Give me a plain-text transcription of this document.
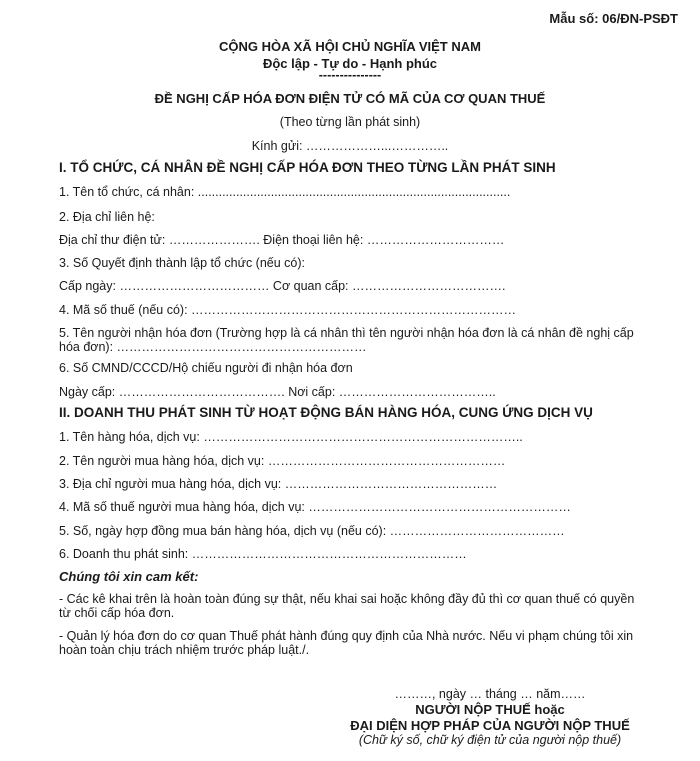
Mẫu số: 06/ĐN-PSĐT
CỘNG HÒA XÃ HỘI CHỦ NGHĨA VIỆT NAM
Độc lập - Tự do - Hạnh phúc
---------------
ĐỀ NGHỊ CẤP HÓA ĐƠN ĐIỆN TỬ CÓ MÃ CỦA CƠ QUAN THUẾ
(Theo từng lần phát sinh)
Kính gửi: ………………...…………..
I. TỔ CHỨC, CÁ NHÂN ĐỀ NGHỊ CẤP HÓA ĐƠN THEO TỪNG LẦN PHÁT SINH
1. Tên tổ chức, cá nhân: ..........................................................................................
2. Địa chỉ liên hệ:
Địa chỉ thư điện tử: …………………. Điện thoại liên hệ: ……………………………
3. Số Quyết định thành lập tổ chức (nếu có):
Cấp ngày: ……………………………… Cơ quan cấp: ……………………………….
4. Mã số thuế (nếu có): ……………………………………………………………………
5. Tên người nhận hóa đơn (Trường hợp là cá nhân thì tên người nhận hóa đơn là cá nhân đề nghị cấp
hóa đơn): ……………………………………………………
6. Số CMND/CCCD/Hộ chiếu người đi nhận hóa đơn
Ngày cấp: …………………………………. Nơi cấp: ………………………………..
II. DOANH THU PHÁT SINH TỪ HOẠT ĐỘNG BÁN HÀNG HÓA, CUNG ỨNG DỊCH VỤ
1. Tên hàng hóa, dịch vụ: …………………………………………………………………..
2. Tên người mua hàng hóa, dịch vụ: …………………………………………………
3. Địa chỉ người mua hàng hóa, dịch vụ: ……………………………………………
4. Mã số thuế người mua hàng hóa, dịch vụ: ………………………………………………………
5. Số, ngày hợp đồng mua bán hàng hóa, dịch vụ (nếu có): ……………………………………
6. Doanh thu phát sinh: …………………………………………………………
Chúng tôi xin cam kết:
- Các kê khai trên là hoàn toàn đúng sự thật, nếu khai sai hoặc không đầy đủ thì cơ quan thuế có quyền
từ chối cấp hóa đơn.
- Quản lý hóa đơn do cơ quan Thuế phát hành đúng quy định của Nhà nước. Nếu vi phạm chúng tôi xin
hoàn toàn chịu trách nhiệm trước pháp luật./.
………, ngày … tháng … năm……
NGƯỜI NỘP THUẾ hoặc
ĐẠI DIỆN HỢP PHÁP CỦA NGƯỜI NỘP THUẾ
(Chữ ký số, chữ ký điện tử của người nộp thuế)
